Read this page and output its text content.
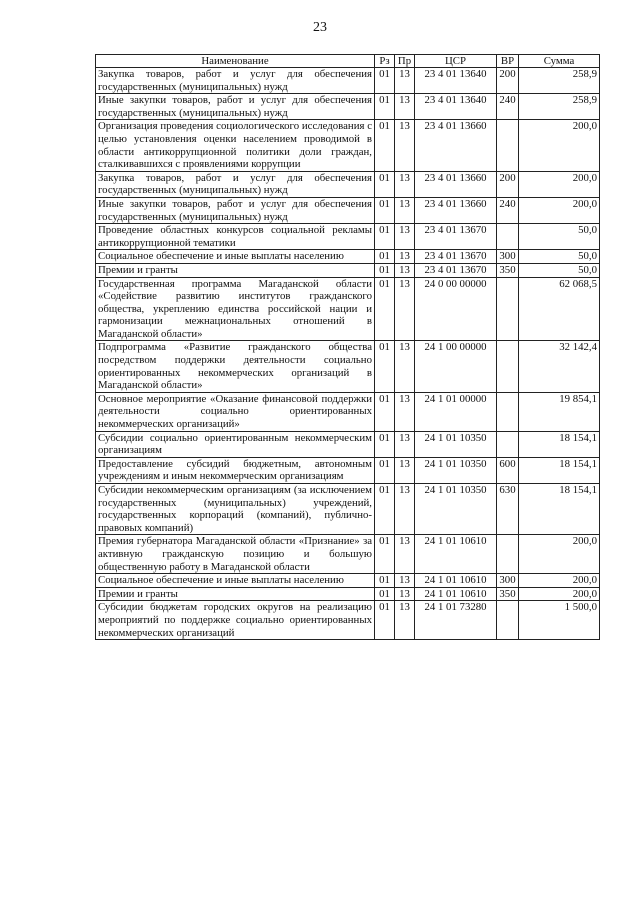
23
Наименование	Рз	Пр	ЦСР	ВР	Сумма
Закупка товаров, работ и услуг для обеспечения государственных (муниципальных) нужд	01	13	23 4 01 13640	200	258,9
Иные закупки товаров, работ и услуг для обеспечения государственных (муниципальных) нужд	01	13	23 4 01 13640	240	258,9
Организация проведения социологического исследования с целью установления оценки населением проводимой в области антикоррупционной политики доли граждан, сталкивавшихся с проявлениями коррупции	01	13	23 4 01 13660		200,0
Закупка товаров, работ и услуг для обеспечения государственных (муниципальных) нужд	01	13	23 4 01 13660	200	200,0
Иные закупки товаров, работ и услуг для обеспечения государственных (муниципальных) нужд	01	13	23 4 01 13660	240	200,0
Проведение областных конкурсов социальной рекламы антикоррупционной тематики	01	13	23 4 01 13670		50,0
Социальное обеспечение и иные выплаты населению	01	13	23 4 01 13670	300	50,0
Премии и гранты	01	13	23 4 01 13670	350	50,0
Государственная программа Магаданской области «Содействие развитию институтов гражданского общества, укреплению единства российской нации и гармонизации межнациональных отношений в Магаданской области»	01	13	24 0 00 00000		62 068,5
Подпрограмма «Развитие гражданского общества посредством поддержки деятельности социально ориентированных некоммерческих организаций в Магаданской области»	01	13	24 1 00 00000		32 142,4
Основное мероприятие «Оказание финансовой поддержки деятельности социально ориентированных некоммерческих организаций»	01	13	24 1 01 00000		19 854,1
Субсидии социально ориентированным некоммерческим организациям	01	13	24 1 01 10350		18 154,1
Предоставление субсидий бюджетным, автономным учреждениям и иным некоммерческим организациям	01	13	24 1 01 10350	600	18 154,1
Субсидии некоммерческим организациям (за исключением государственных (муниципальных) учреждений, государственных корпораций (компаний), публично-правовых компаний)	01	13	24 1 01 10350	630	18 154,1
Премия губернатора Магаданской области «Признание» за активную гражданскую позицию и большую общественную работу в Магаданской области	01	13	24 1 01 10610		200,0
Социальное обеспечение и иные выплаты населению	01	13	24 1 01 10610	300	200,0
Премии и гранты	01	13	24 1 01 10610	350	200,0
Субсидии бюджетам городских округов на реализацию мероприятий по поддержке социально ориентированных некоммерческих организаций	01	13	24 1 01 73280		1 500,0
